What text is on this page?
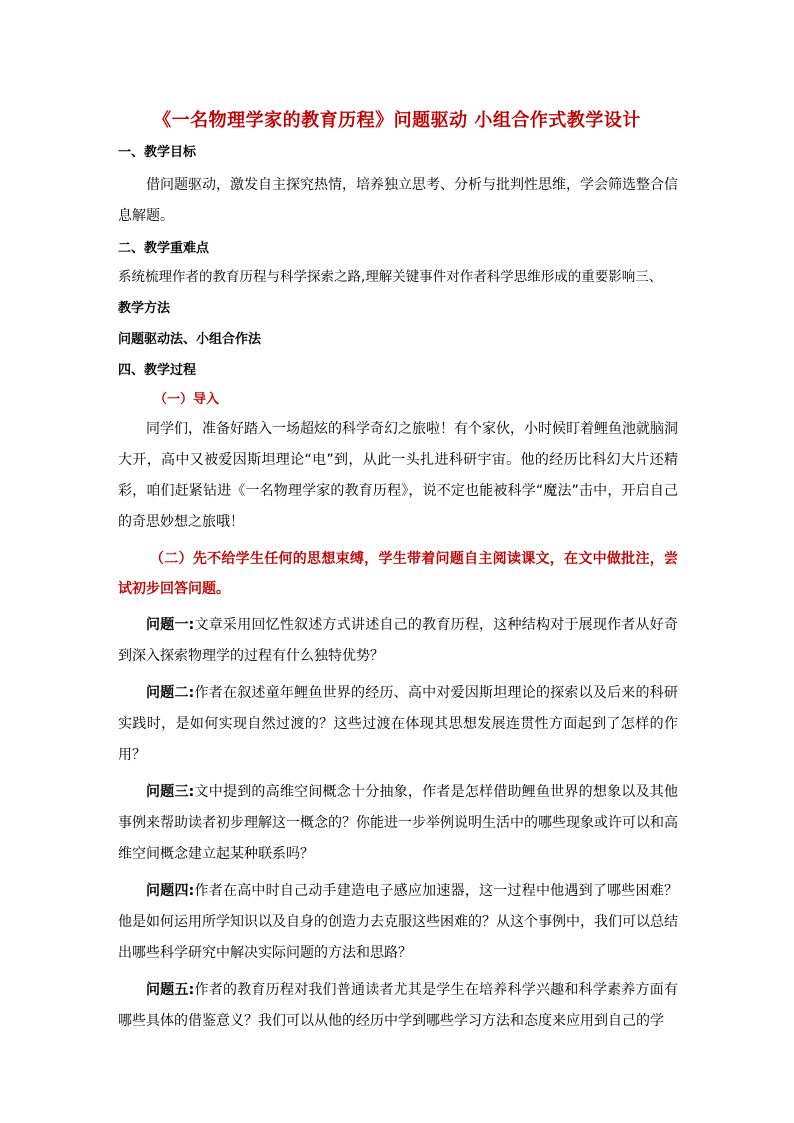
《一名物理学家的教育历程》问题驱动 小组合作式教学设计
一、教学目标
借问题驱动，激发自主探究热情，培养独立思考、分析与批判性思维，学会筛选整合信息解题。
二、教学重难点
系统梳理作者的教育历程与科学探索之路,理解关键事件对作者科学思维形成的重要影响三、
教学方法
问题驱动法、小组合作法
四、教学过程
（一）导入
同学们，准备好踏入一场超炫的科学奇幻之旅啦！有个家伙，小时候盯着鲤鱼池就脑洞大开，高中又被爱因斯坦理论“电”到，从此一头扎进科研宇宙。他的经历比科幻大片还精彩，咱们赶紧钻进《一名物理学家的教育历程》，说不定也能被科学“魔法”击中，开启自己的奇思妙想之旅哦！
（二）先不给学生任何的思想束缚，学生带着问题自主阅读课文，在文中做批注，尝试初步回答问题。
问题一:文章采用回忆性叙述方式讲述自己的教育历程，这种结构对于展现作者从好奇到深入探索物理学的过程有什么独特优势？
问题二:作者在叙述童年鲤鱼世界的经历、高中对爱因斯坦理论的探索以及后来的科研实践时，是如何实现自然过渡的？这些过渡在体现其思想发展连贯性方面起到了怎样的作用？
问题三:文中提到的高维空间概念十分抽象，作者是怎样借助鲤鱼世界的想象以及其他事例来帮助读者初步理解这一概念的？你能进一步举例说明生活中的哪些现象或许可以和高维空间概念建立起某种联系吗？
问题四:作者在高中时自己动手建造电子感应加速器，这一过程中他遇到了哪些困难？他是如何运用所学知识以及自身的创造力去克服这些困难的？从这个事例中，我们可以总结出哪些科学研究中解决实际问题的方法和思路？
问题五:作者的教育历程对我们普通读者尤其是学生在培养科学兴趣和科学素养方面有哪些具体的借鉴意义？我们可以从他的经历中学到哪些学习方法和态度来应用到自己的学
